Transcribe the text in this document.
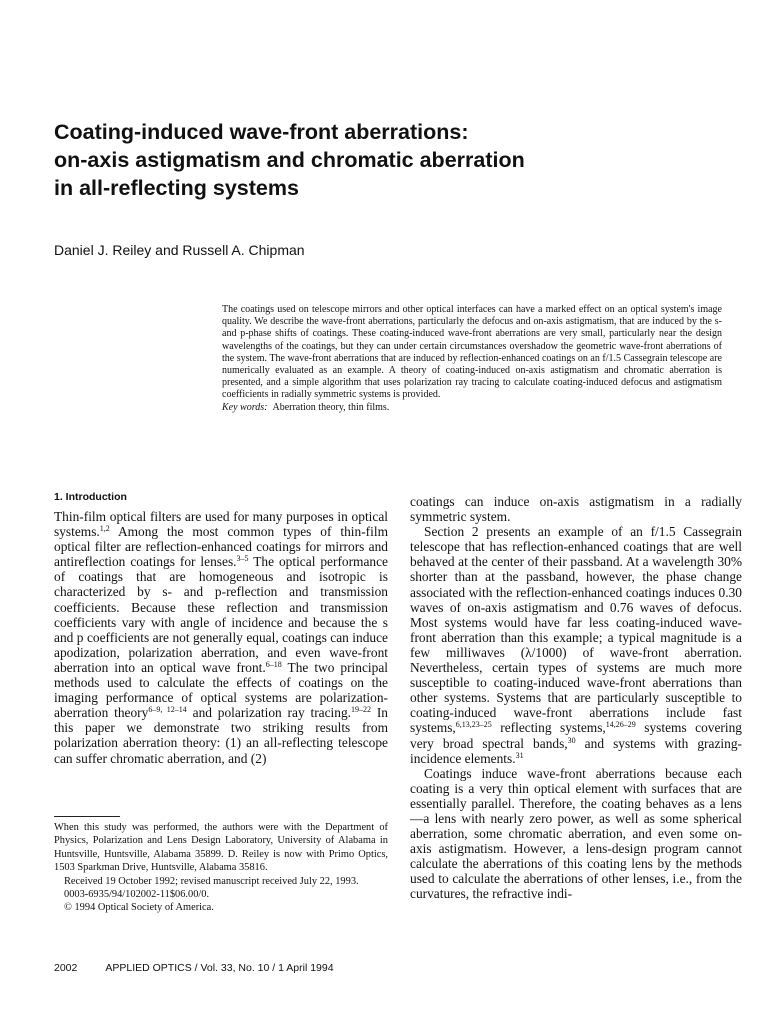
Coating-induced wave-front aberrations:
on-axis astigmatism and chromatic aberration
in all-reflecting systems
Daniel J. Reiley and Russell A. Chipman

The coatings used on telescope mirrors and other optical interfaces can have a marked effect on an optical system's image quality. We describe the wave-front aberrations, particularly the defocus and on-axis astigmatism, that are induced by the s- and p-phase shifts of coatings. These coating-induced wave-front aberrations are very small, particularly near the design wavelengths of the coatings, but they can under certain circumstances overshadow the geometric wave-front aberrations of the system. The wave-front aberrations that are induced by reflection-enhanced coatings on an f/1.5 Cassegrain telescope are numerically evaluated as an example. A theory of coating-induced on-axis astigmatism and chromatic aberration is presented, and a simple algorithm that uses polarization ray tracing to calculate coating-induced defocus and astigmatism coefficients in radially symmetric systems is provided.

Key words: Aberration theory, thin films.

1. Introduction

Thin-film optical filters are used for many purposes in optical systems.$^{1,2}$ Among the most common types of thin-film optical filter are reflection-enhanced coatings for mirrors and antireflection coatings for lenses.$^{3-5}$ The optical performance of coatings that are homogeneous and isotropic is characterized by s- and p-reflection and transmission coefficients. Because these reflection and transmission coefficients vary with angle of incidence and because the s and p coefficients are not generally equal, coatings can induce apodization, polarization aberration, and even wave-front aberration into an optical wave front.$^{6-18}$ The two principal methods used to calculate the effects of coatings on the imaging performance of optical systems are polarization-aberration theory$^{6-9, 12-14}$ and polarization ray tracing.$^{19-22}$ In this paper we demonstrate two striking results from polarization aberration theory: (1) an all-reflecting telescope can suffer chromatic aberration, and (2)

When this study was performed, the authors were with the Department of Physics, Polarization and Lens Design Laboratory, University of Alabama in Huntsville, Huntsville, Alabama 35899. D. Reiley is now with Primo Optics, 1503 Sparkman Drive, Huntsville, Alabama 35816.

Received 19 October 1992; revised manuscript received July 22, 1993.

0003-6935/94/102002-11$06.00/0.

© 1994 Optical Society of America.

coatings can induce on-axis astigmatism in a radially symmetric system.

Section 2 presents an example of an f/1.5 Cassegrain telescope that has reflection-enhanced coatings that are well behaved at the center of their passband. At a wavelength 30% shorter than at the passband, however, the phase change associated with the reflection-enhanced coatings induces 0.30 waves of on-axis astigmatism and 0.76 waves of defocus. Most systems would have far less coating-induced wave-front aberration than this example; a typical magnitude is a few milliwaves (λ/1000) of wave-front aberration. Nevertheless, certain types of systems are much more susceptible to coating-induced wave-front aberrations than other systems. Systems that are particularly susceptible to coating-induced wave-front aberrations include fast systems,$^{6,13,23-25}$ reflecting systems,$^{14,26-29}$ systems covering very broad spectral bands,$^{30}$ and systems with grazing-incidence elements.$^{31}$

Coatings induce wave-front aberrations because each coating is a very thin optical element with surfaces that are essentially parallel. Therefore, the coating behaves as a lens—a lens with nearly zero power, as well as some spherical aberration, some chromatic aberration, and even some on-axis astigmatism. However, a lens-design program cannot calculate the aberrations of this coating lens by the methods used to calculate the aberrations of other lenses, i.e., from the curvatures, the refractive indi-

2002	APPLIED OPTICS / Vol. 33, No. 10 / 1 April 1994
